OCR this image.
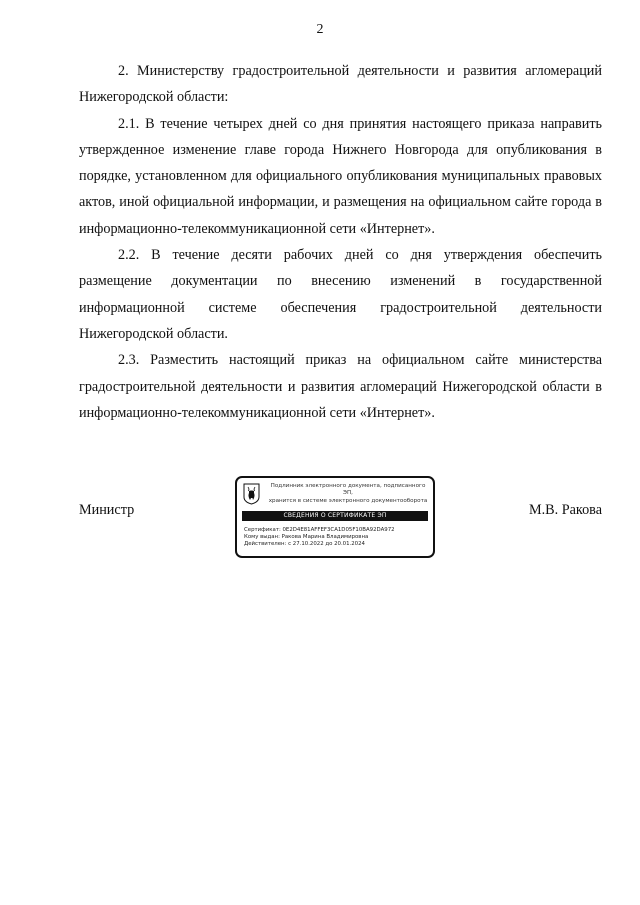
2

2. Министерству градостроительной деятельности и развития агломераций Нижегородской области:

2.1. В течение четырех дней со дня принятия настоящего приказа направить утвержденное изменение главе города Нижнего Новгорода для опубликования в порядке, установленном для официального опубликования муниципальных правовых актов, иной официальной информации, и размещения на официальном сайте города в информационно-телекоммуникационной сети «Интернет».

2.2. В течение десяти рабочих дней со дня утверждения обеспечить размещение документации по внесению изменений в государственной информационной системе обеспечения градостроительной деятельности Нижегородской области.

2.3. Разместить настоящий приказ на официальном сайте министерства градостроительной деятельности и развития агломераций Нижегородской области в информационно-телекоммуникационной сети «Интернет».

Министр
Подлинник электронного документа, подписанного ЭП,
хранится в системе электронного документооборота
СВЕДЕНИЯ О СЕРТИФИКАТЕ ЭП
Сертификат: 0E2D4E81AFFEF3CA1D05F10BA92DA972
Кому выдан: Ракова Марина Владимировна
Действителен: с 27.10.2022 до 20.01.2024
М.В. Ракова
